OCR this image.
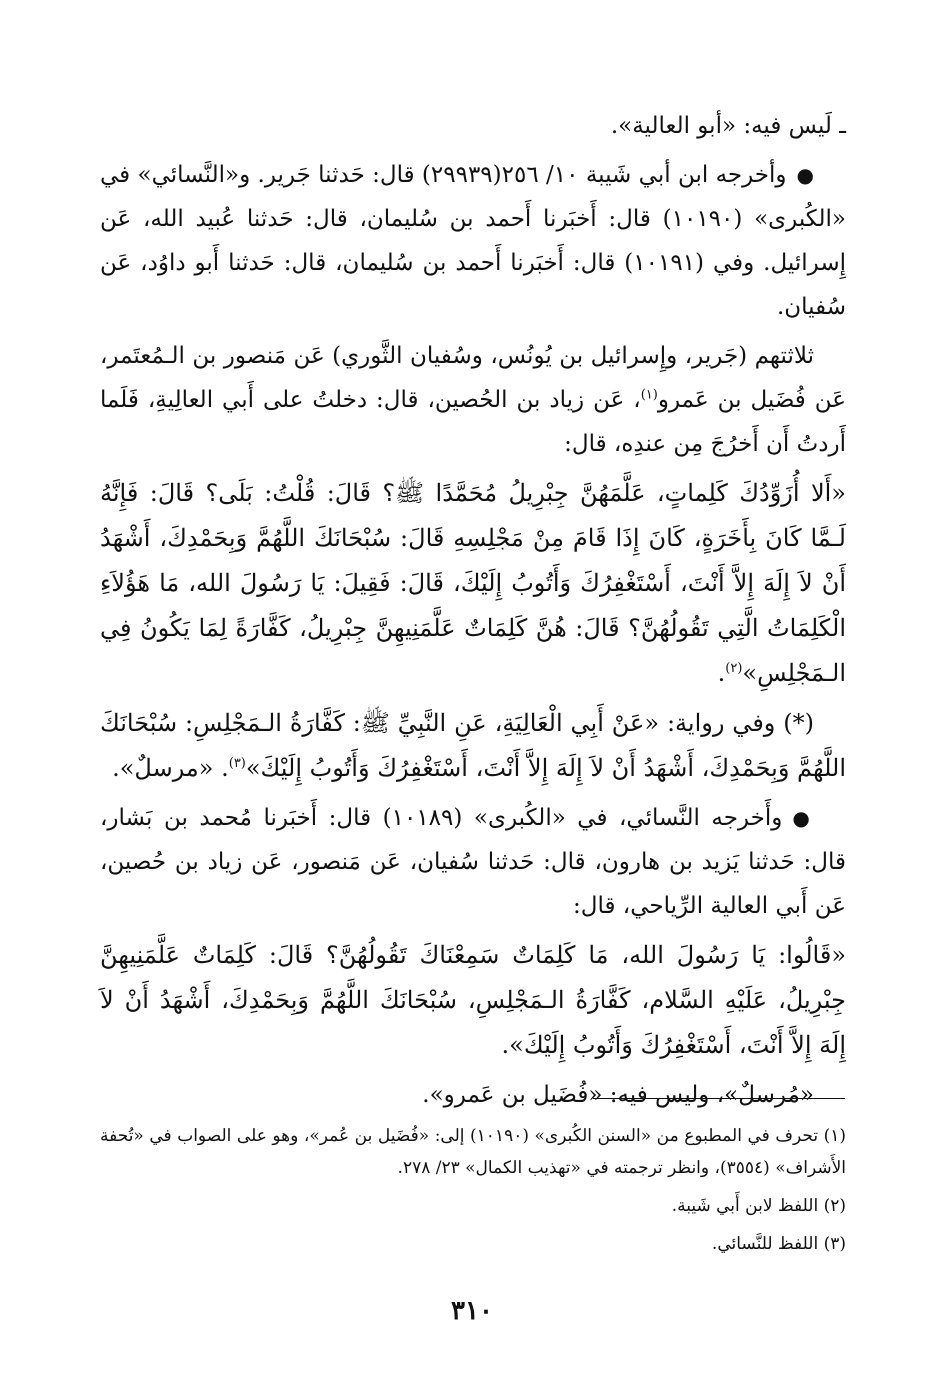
ـ لَيس فيه: «أبو العالية».

●وأخرجه ابن أبي شَيبة ١٠/ ٢٥٦(٢٩٩٣٩) قال: حَدثنا جَرير. و«النَّسائي» في «الكُبرى» (١٠١٩٠) قال: أَخبَرنا أَحمد بن سُليمان، قال: حَدثنا عُبيد الله، عَن إِسرائيل. وفي (١٠١٩١) قال: أَخبَرنا أَحمد بن سُليمان، قال: حَدثنا أَبو داوُد، عَن سُفيان.

ثلاثتهم (جَرير، وإِسرائيل بن يُونُس، وسُفيان الثَّوري) عَن مَنصور بن الـمُعتَمر، عَن فُضَيل بن عَمرو$^{(١)}$، عَن زياد بن الحُصين، قال: دخلتُ على أَبي العالِيةِ، فَلَما أَردتُ أَن أَخرُجَ مِن عندِه، قال:

«أَلا أُزَوِّدُكَ كَلِماتٍ، عَلَّمَهُنَّ جِبْرِيلُ مُحَمَّدًا ﷺ؟ قَالَ: قُلْتُ: بَلَى؟ قَالَ: فَإِنَّهُ لَـمَّا كَانَ بِأَخَرَةٍ، كَانَ إِذَا قَامَ مِنْ مَجْلِسِهِ قَالَ: سُبْحَانَكَ اللَّهُمَّ وَبِحَمْدِكَ، أَشْهَدُ أَنْ لاَ إِلَهَ إِلاَّ أَنْتَ، أَسْتَغْفِرُكَ وَأَتُوبُ إِلَيْكَ، قَالَ: فَقِيلَ: يَا رَسُولَ الله، مَا هَؤُلاَءِ الْكَلِمَاتُ الَّتِي تَقُولُهُنَّ؟ قَالَ: هُنَّ كَلِمَاتٌ عَلَّمَنِيهِنَّ جِبْرِيلُ، كَفَّارَةً لِمَا يَكُونُ فِي الـمَجْلِسِ»$^{(٢)}$.

(*) وفي رواية: «عَنْ أَبِي الْعَالِيَةِ، عَنِ النَّبِيِّ ﷺ: كَفَّارَةُ الـمَجْلِسِ: سُبْحَانَكَ اللَّهُمَّ وَبِحَمْدِكَ، أَشْهَدُ أَنْ لاَ إِلَهَ إِلاَّ أَنْتَ، أَسْتَغْفِرُكَ وَأَتُوبُ إِلَيْكَ»$^{(٣)}$. «مرسلٌ».

●وأَخرجه النَّسائي، في «الكُبرى» (١٠١٨٩) قال: أَخبَرنا مُحمد بن بَشار، قال: حَدثنا يَزيد بن هارون، قال: حَدثنا سُفيان، عَن مَنصور، عَن زياد بن حُصين، عَن أَبي العالية الرِّياحي، قال:

«قَالُوا: يَا رَسُولَ الله، مَا كَلِمَاتٌ سَمِعْنَاكَ تَقُولُهُنَّ؟ قَالَ: كَلِمَاتٌ عَلَّمَنِيهِنَّ جِبْرِيلُ، عَلَيْهِ السَّلام، كَفَّارَةُ الـمَجْلِسِ، سُبْحَانَكَ اللَّهُمَّ وَبِحَمْدِكَ، أَشْهَدُ أَنْ لاَ إِلَهَ إِلاَّ أَنْتَ، أَسْتَغْفِرُكَ وَأَتُوبُ إِلَيْكَ».

«مُرسلٌ»، وليس فيه: «فُضَيل بن عَمرو».

(١) تحرف في المطبوع من «السنن الكُبرى» (١٠١٩٠) إلى: «فُضَيل بن عُمر»، وهو على الصواب في «تُحفة الأَشراف» (٣٥٥٤)، وانظر ترجمته في «تهذيب الكمال» ٢٣/ ٢٧٨.

(٢) اللفظ لابن أَبي شَيبة.

(٣) اللفظ للنَّسائي.

٣١٠
